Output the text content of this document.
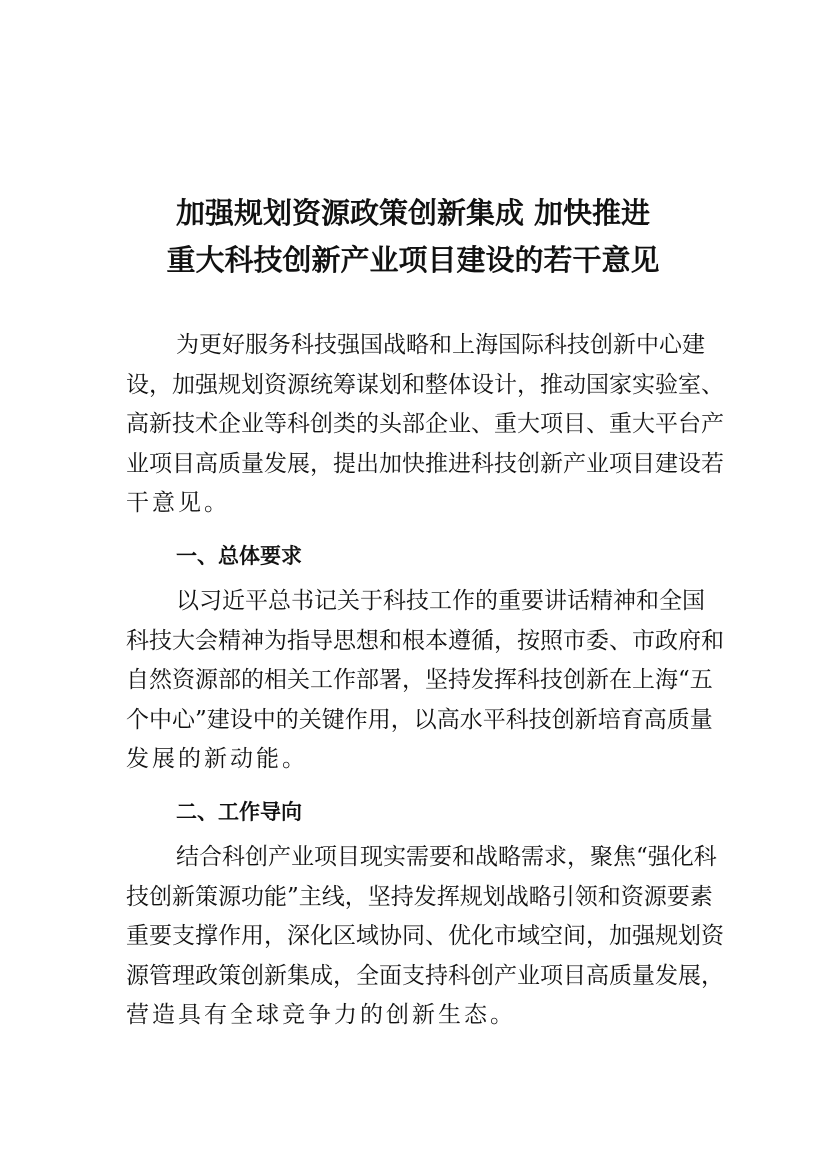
加强规划资源政策创新集成 加快推进
重大科技创新产业项目建设的若干意见
为更好服务科技强国战略和上海国际科技创新中心建
设，加强规划资源统筹谋划和整体设计，推动国家实验室、
高新技术企业等科创类的头部企业、重大项目、重大平台产
业项目高质量发展，提出加快推进科技创新产业项目建设若
干意见。
一、总体要求
以习近平总书记关于科技工作的重要讲话精神和全国
科技大会精神为指导思想和根本遵循，按照市委、市政府和
自然资源部的相关工作部署，坚持发挥科技创新在上海“五
个中心”建设中的关键作用，以高水平科技创新培育高质量
发展的新动能。
二、工作导向
结合科创产业项目现实需要和战略需求，聚焦“强化科
技创新策源功能”主线，坚持发挥规划战略引领和资源要素
重要支撑作用，深化区域协同、优化市域空间，加强规划资
源管理政策创新集成，全面支持科创产业项目高质量发展，
营造具有全球竞争力的创新生态。
